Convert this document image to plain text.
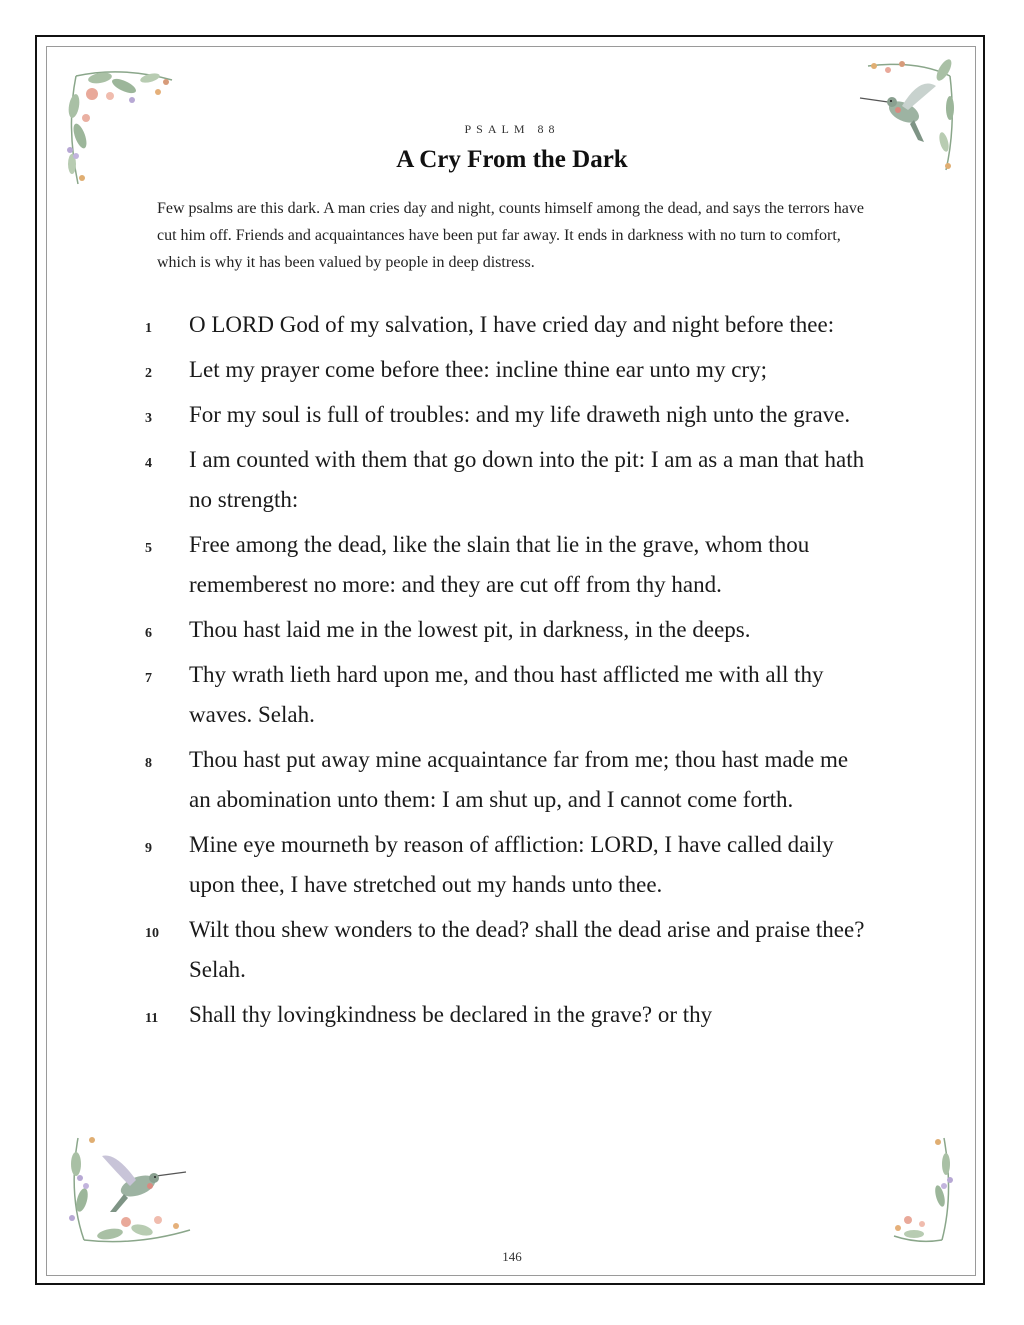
PSALM 88
A Cry From the Dark
Few psalms are this dark. A man cries day and night, counts himself among the dead, and says the terrors have cut him off. Friends and acquaintances have been put far away. It ends in darkness with no turn to comfort, which is why it has been valued by people in deep distress.
1	O LORD God of my salvation, I have cried day and night before thee:
2	Let my prayer come before thee: incline thine ear unto my cry;
3	For my soul is full of troubles: and my life draweth nigh unto the grave.
4	I am counted with them that go down into the pit: I am as a man that hath no strength:
5	Free among the dead, like the slain that lie in the grave, whom thou rememberest no more: and they are cut off from thy hand.
6	Thou hast laid me in the lowest pit, in darkness, in the deeps.
7	Thy wrath lieth hard upon me, and thou hast afflicted me with all thy waves. Selah.
8	Thou hast put away mine acquaintance far from me; thou hast made me an abomination unto them: I am shut up, and I cannot come forth.
9	Mine eye mourneth by reason of affliction: LORD, I have called daily upon thee, I have stretched out my hands unto thee.
10	Wilt thou shew wonders to the dead? shall the dead arise and praise thee? Selah.
11	Shall thy lovingkindness be declared in the grave? or thy
146
